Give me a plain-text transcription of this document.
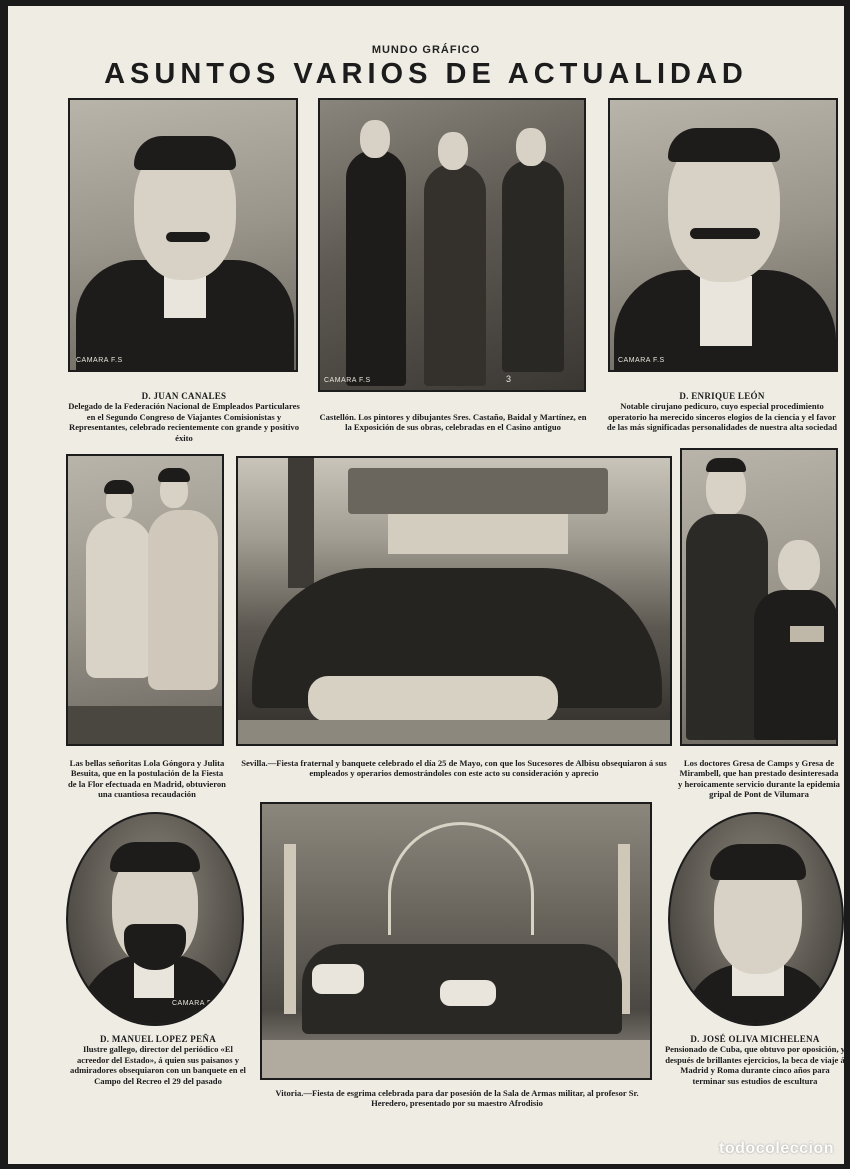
MUNDO GRÁFICO
ASUNTOS VARIOS DE ACTUALIDAD
CAMARA F.S
CAMARA F.S	3
CAMARA F.S
D. JUAN CANALES
Delegado de la Federación Nacional de Empleados Particulares en el Segundo Congreso de Viajantes Comisionistas y Representantes, celebrado recientemente con grande y positivo éxito
Castellón. Los pintores y dibujantes Sres. Castaño, Baidal y Martínez, en la Exposición de sus obras, celebradas en el Casino antiguo
D. ENRIQUE LEÓN
Notable cirujano pedicuro, cuyo especial procedimiento operatorio ha merecido sinceros elogios de la ciencia y el favor de las más significadas personalidades de nuestra alta sociedad
Las bellas señoritas Lola Góngora y Julita Besuita, que en la postulación de la Fiesta de la Flor efectuada en Madrid, obtuvieron una cuantiosa recaudación
Sevilla.—Fiesta fraternal y banquete celebrado el día 25 de Mayo, con que los Sucesores de Albisu obsequiaron á sus empleados y operarios demostrándoles con este acto su consideración y aprecio
Los doctores Gresa de Camps y Gresa de Mirambell, que han prestado desinteresada y heroicamente servicio durante la epidemia gripal de Pont de Vilumara
CAMARA F.S
D. MANUEL LOPEZ PEÑA
Ilustre gallego, director del periódico «El acreedor del Estado», á quien sus paisanos y admiradores obsequiaron con un banquete en el Campo del Recreo el 29 del pasado
Vitoria.—Fiesta de esgrima celebrada para dar posesión de la Sala de Armas militar, al profesor Sr. Heredero, presentado por su maestro Afrodisio
D. JOSÉ OLIVA MICHELENA
Pensionado de Cuba, que obtuvo por oposición, y después de brillantes ejercicios, la beca de viaje á Madrid y Roma durante cinco años para terminar sus estudios de escultura
todocoleccion
